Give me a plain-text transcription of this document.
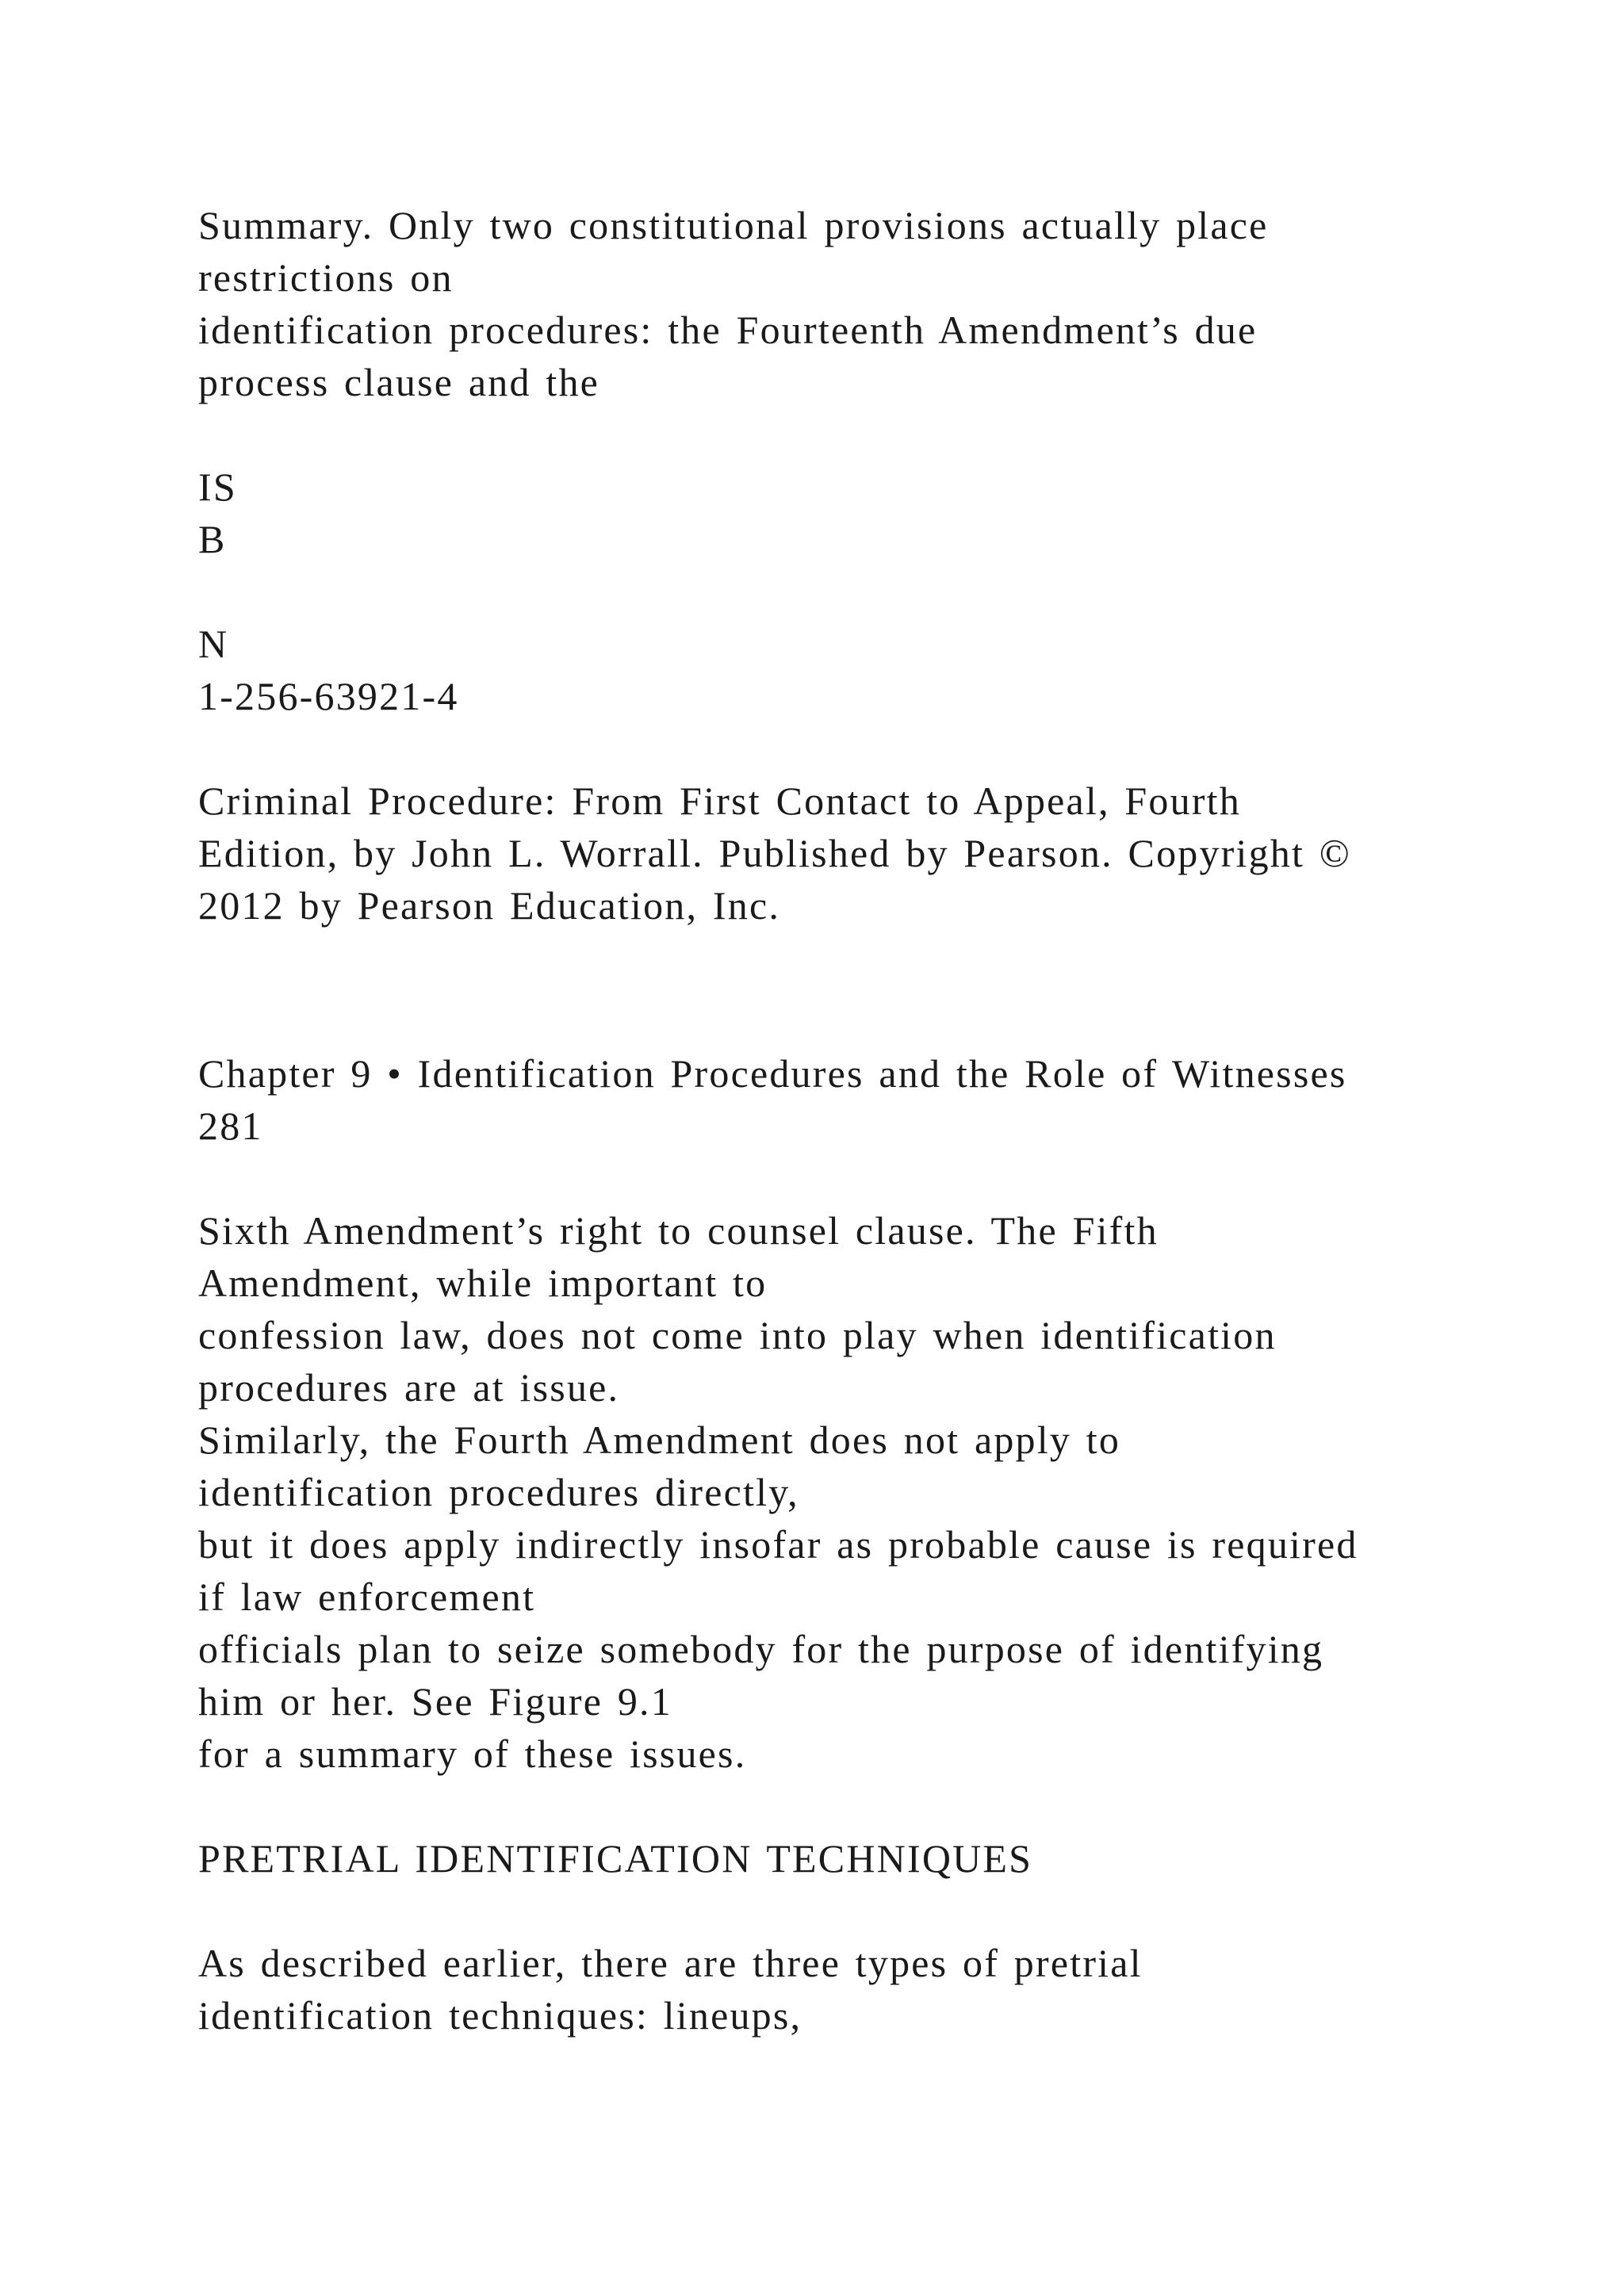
Summary. Only two constitutional provisions actually place

restrictions on

identification procedures: the Fourteenth Amendment’s due

process clause and the

IS

B

N

1-256-63921-4

Criminal Procedure: From First Contact to Appeal, Fourth

Edition, by John L. Worrall. Published by Pearson. Copyright ©

2012 by Pearson Education, Inc.

Chapter 9 • Identification Procedures and the Role of Witnesses

281

Sixth Amendment’s right to counsel clause. The Fifth

Amendment, while important to

confession law, does not come into play when identification

procedures are at issue.

Similarly, the Fourth Amendment does not apply to

identification procedures directly,

but it does apply indirectly insofar as probable cause is required

if law enforcement

officials plan to seize somebody for the purpose of identifying

him or her. See Figure 9.1

for a summary of these issues.

PRETRIAL IDENTIFICATION TECHNIQUES

As described earlier, there are three types of pretrial

identification techniques: lineups,
